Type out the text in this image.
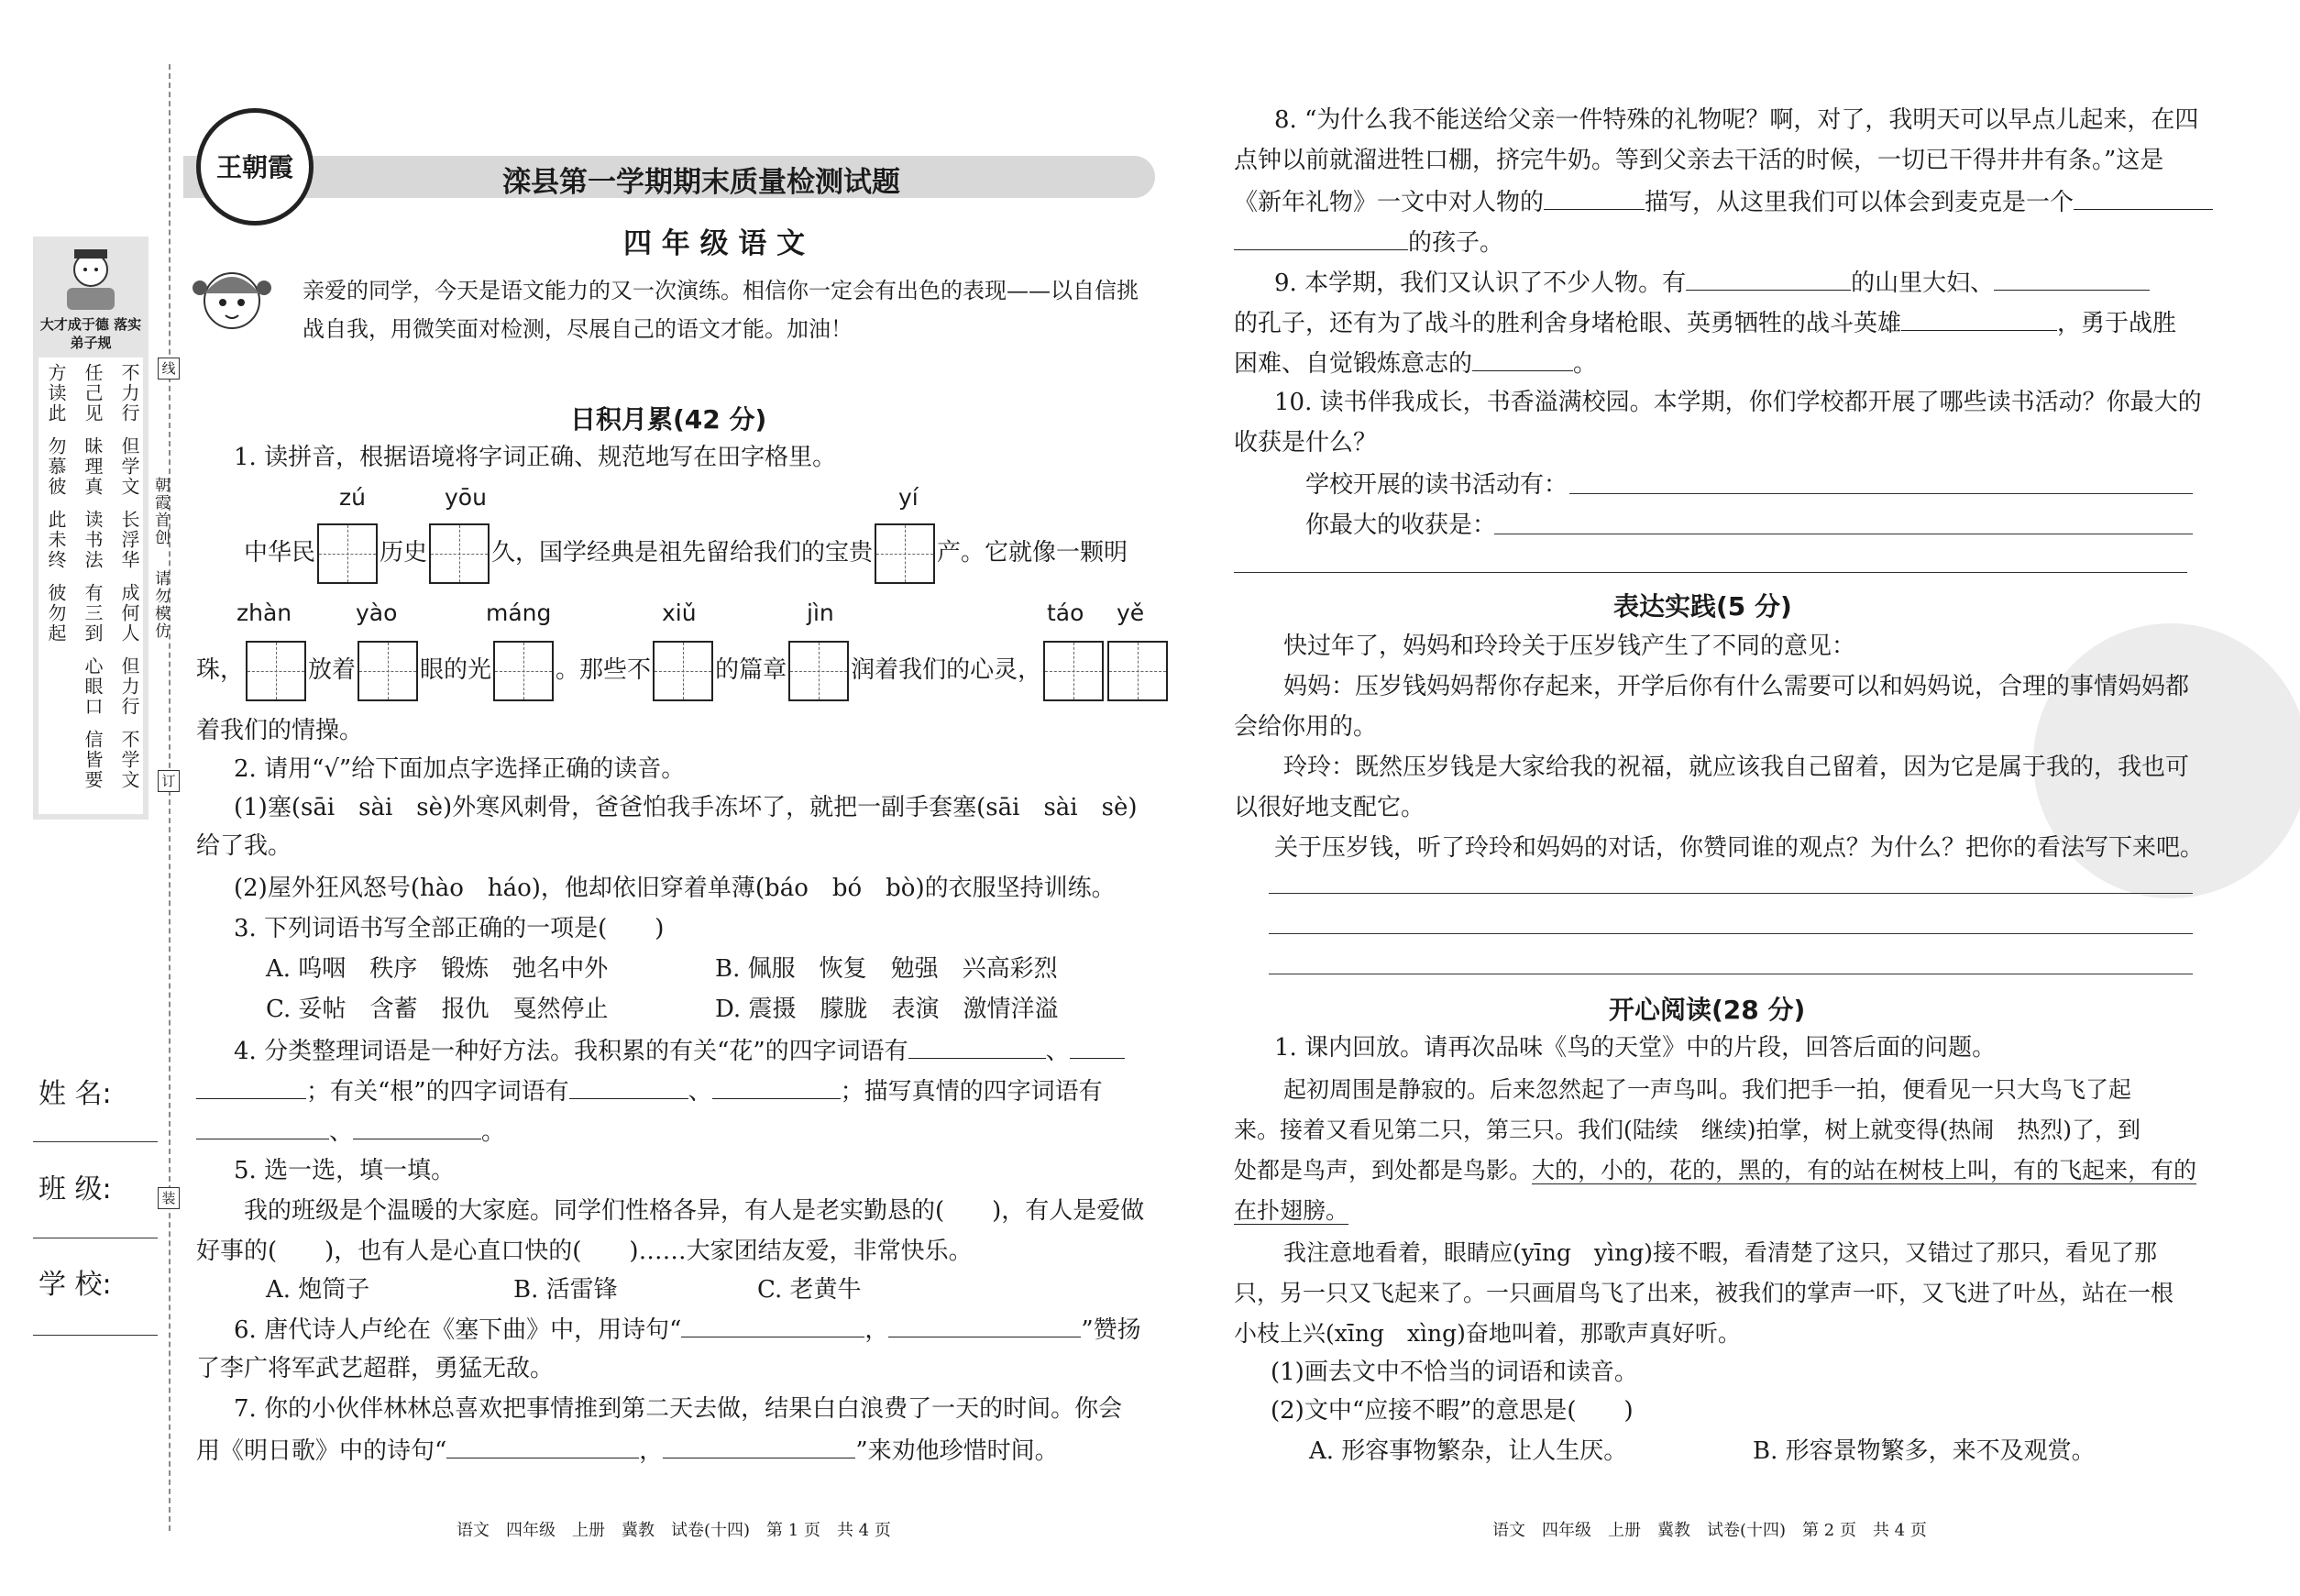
大才成于德 落实弟子规
不力行
但学文
长浮华
成何人
但力行
不学文
任己见
昧理真
读书法
有三到
心眼口
信皆要
方读此
勿慕彼
此未终
彼勿起
朝霞首创
请勿模仿
线
订
装
姓 名:
班 级:
学 校:
王朝霞	滦县第一学期期末质量检测试题
四 年 级 语 文
亲爱的同学，今天是语文能力的又一次演练。相信你一定会有出色的表现——以自信挑
战自我，用微笑面对检测，尽展自己的语文才能。加油！
日积月累(42 分)
1. 读拼音，根据语境将字词正确、规范地写在田字格里。
zú	yōu	yí
中华民	历史	久，国学经典是祖先留给我们的宝贵	产。它就像一颗明
zhàn	yào	máng	xiǔ	jìn	táo yě
珠，	放着	眼的光	。那些不	的篇章	润着我们的心灵，
着我们的情操。
2. 请用“√”给下面加点字选择正确的读音。
(1)塞(sāi　sài　sè)外寒风刺骨，爸爸怕我手冻坏了，就把一副手套塞(sāi　sài　sè)
给了我。
(2)屋外狂风怒号(hào　háo)，他却依旧穿着单薄(báo　bó　bò)的衣服坚持训练。
3. 下列词语书写全部正确的一项是(　　)
A. 呜咽　秩序　锻炼　弛名中外	B. 佩服　恢复　勉强　兴高彩烈
C. 妥帖　含蓄　报仇　戛然停止	D. 震摄　朦胧　表演　激情洋溢
4. 分类整理词语是一种好方法。我积累的有关“花”的四字词语有	、
；有关“根”的四字词语有	、	；描写真情的四字词语有
、	。
5. 选一选，填一填。
我的班级是个温暖的大家庭。同学们性格各异，有人是老实勤恳的(　　)，有人是爱做
好事的(　　)，也有人是心直口快的(　　)……大家团结友爱，非常快乐。
A. 炮筒子	B. 活雷锋	C. 老黄牛
6. 唐代诗人卢纶在《塞下曲》中，用诗句“	，	”赞扬
了李广将军武艺超群，勇猛无敌。
7. 你的小伙伴林林总喜欢把事情推到第二天去做，结果白白浪费了一天的时间。你会
用《明日歌》中的诗句“	，	”来劝他珍惜时间。
语文　四年级　上册　冀教　试卷(十四)　第 1 页　共 4 页
8. “为什么我不能送给父亲一件特殊的礼物呢？啊，对了，我明天可以早点儿起来，在四
点钟以前就溜进牲口棚，挤完牛奶。等到父亲去干活的时候，一切已干得井井有条。”这是
《新年礼物》一文中对人物的	描写，从这里我们可以体会到麦克是一个
的孩子。
9. 本学期，我们又认识了不少人物。有	的山里大妇、
的孔子，还有为了战斗的胜利舍身堵枪眼、英勇牺牲的战斗英雄	，勇于战胜
困难、自觉锻炼意志的	。
10. 读书伴我成长，书香溢满校园。本学期，你们学校都开展了哪些读书活动？你最大的
收获是什么？
学校开展的读书活动有：
你最大的收获是：
表达实践(5 分)
快过年了，妈妈和玲玲关于压岁钱产生了不同的意见：
妈妈：压岁钱妈妈帮你存起来，开学后你有什么需要可以和妈妈说，合理的事情妈妈都
会给你用的。
玲玲：既然压岁钱是大家给我的祝福，就应该我自己留着，因为它是属于我的，我也可
以很好地支配它。
关于压岁钱，听了玲玲和妈妈的对话，你赞同谁的观点？为什么？把你的看法写下来吧。
开心阅读(28 分)
1. 课内回放。请再次品味《鸟的天堂》中的片段，回答后面的问题。
起初周围是静寂的。后来忽然起了一声鸟叫。我们把手一拍，便看见一只大鸟飞了起
来。接着又看见第二只，第三只。我们(陆续　继续)拍掌，树上就变得(热闹　热烈)了，到
处都是鸟声，到处都是鸟影。大的，小的，花的，黑的，有的站在树枝上叫，有的飞起来，有的
在扑翅膀。
我注意地看着，眼睛应(yīng　yìng)接不暇，看清楚了这只，又错过了那只，看见了那
只，另一只又飞起来了。一只画眉鸟飞了出来，被我们的掌声一吓，又飞进了叶丛，站在一根
小枝上兴(xīng　xìng)奋地叫着，那歌声真好听。
(1)画去文中不恰当的词语和读音。
(2)文中“应接不暇”的意思是(　　)
A. 形容事物繁杂，让人生厌。	B. 形容景物繁多，来不及观赏。
语文　四年级　上册　冀教　试卷(十四)　第 2 页　共 4 页
